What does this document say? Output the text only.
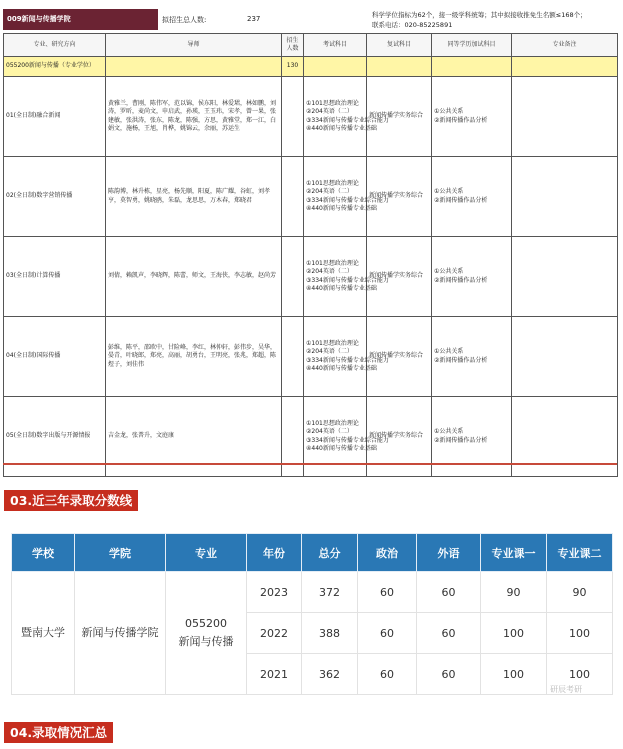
009新闻与传播学院	拟招生总人数:	237	科学学位指标为62个，接一级学科统筹；其中拟接收推免生名额≤168个；
联系电话：020-85225891
专业、研究方向	导师	招生人数	考试科目	复试科目	同等学历加试科目	专业备注
055200新闻与传播（专业学位）		130				
01(全日制)融合新闻	黄雅兰，曹刚，陈伟军，范以锦，侯东阳，林爱珺，林如鹏，刘涛，罗昕，麦尚文，申启武，孙瑛，王玉玮，宋孝，曾一果，张建敏，张洪涛，张东，陈龙，陈强，方思，黄雅堂，郑一江，白娟文，施杨，王旭，肖桦，姚锦云，余丽，苏运生		①101思想政治理论
②204英语（二）
③334新闻与传播专业综合能力
④440新闻与传播专业基础	新闻传播学实务综合	①公共关系
②新闻传播作品分析	

02(全日制)数字营销传播	陈韵博，林升栋，星亮，杨先顺，阳夏，陈广耀，谷虹，刘孝亨，莫智勇，姚晓鸥，朱磊，龙思思，万木春，郑晓君		①101思想政治理论
②204英语（二）
③334新闻与传播专业综合能力
④440新闻与传播专业基础	新闻传播学实务综合	①公共关系
②新闻传播作品分析	

03(全日制)计算传播	刘倩，赖凯声，李晓辉，陈蕾，师文，王海侠，李志敏，赵尚芳		①101思想政治理论
②204英语（二）
③334新闻与传播专业综合能力
④440新闻与传播专业基础	新闻传播学实务综合	①公共关系
②新闻传播作品分析	

04(全日制)国际传播	彭维，陈平，邵欧中，甘险峰，李红，林仲轩，彭伟步，吴华，晏青，叶晓郎，郑亮，高丽，胡勇台，王明亮，张兆，郑超，陈煜子，刘佳伟		①101思想政治理论
②204英语（二）
③334新闻与传播专业综合能力
④440新闻与传播专业基础	新闻传播学实务综合	①公共关系
②新闻传播作品分析	

05(全日制)数字出版与开源情报	吉金龙，张普升，文庭康		①101思想政治理论
②204英语（二）
③334新闻与传播专业综合能力
④440新闻与传播专业基础	新闻传播学实务综合	①公共关系
②新闻传播作品分析	

03.近三年录取分数线
学校	学院	专业	年份	总分	政治	外语	专业课一	专业课二
暨南大学	新闻与传播学院	055200
新闻与传播	2023	372	60	60	90	90
			2022	388	60	60	100	100
			2021	362	60	60	100	100
研辰考研
04.录取情况汇总
